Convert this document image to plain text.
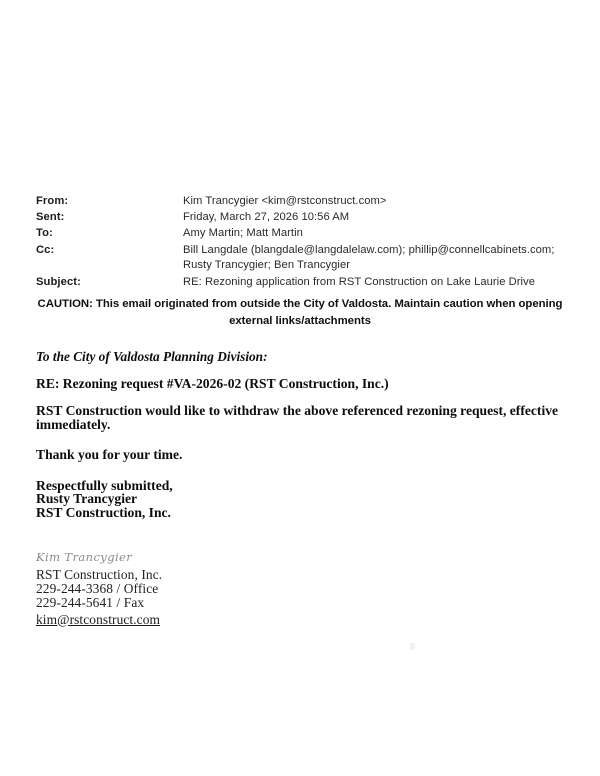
From:	Kim Trancygier <kim@rstconstruct.com>
Sent:	Friday, March 27, 2026 10:56 AM
To:	Amy Martin; Matt Martin
Cc:	Bill Langdale (blangdale@langdalelaw.com); phillip@connellcabinets.com; Rusty Trancygier; Ben Trancygier
Subject:	RE: Rezoning application from RST Construction on Lake Laurie Drive
CAUTION: This email originated from outside the City of Valdosta. Maintain caution when opening
external links/attachments
To the City of Valdosta Planning Division:
RE: Rezoning request #VA-2026-02 (RST Construction, Inc.)
RST Construction would like to withdraw the above referenced rezoning request, effective immediately.
Thank you for your time.
Respectfully submitted,
Rusty Trancygier
RST Construction, Inc.
Kim Trancygier
RST Construction, Inc.
229-244-3368 / Office
229-244-5641 / Fax
kim@rstconstruct.com
